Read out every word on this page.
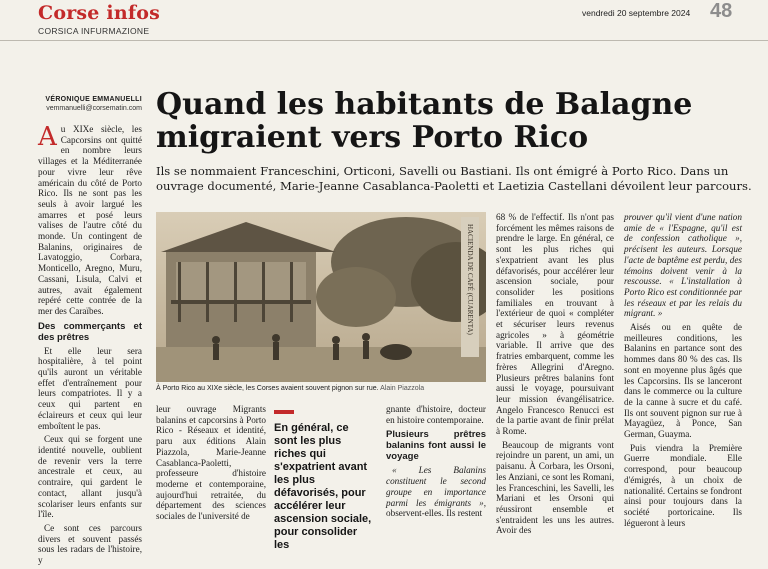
Corse infos
CORSICA INFURMAZIONE
vendredi 20 septembre 2024 48
VÉRONIQUE EMMANUELLI
vemmanuelli@corsematin.com

A u XIXe siècle, les Capcorsins ont quitté en nombre leurs villages et la Méditerranée pour vivre leur rêve américain du côté de Porto Rico. Ils ne sont pas les seuls à avoir largué les amarres et posé leurs valises de l'autre côté du monde. Un contingent de Balanins, originaires de Lavatoggio, Corbara, Monticello, Aregno, Muru, Cassani, Lisula, Calvi et autres, avait également repéré cette contrée de la mer des Caraïbes.

Des commerçants et des prêtres

Et elle leur sera hospitalière, à tel point qu'ils auront un véritable effet d'entraînement pour leurs compatriotes. Il y a ceux qui partent en éclaireurs et ceux qui leur emboîtent le pas.

Ceux qui se forgent une identité nouvelle, oublient de revenir vers la terre ancestrale et ceux, au contraire, qui gardent le contact, allant jusqu'à scolariser leurs enfants sur l'île.

Ce sont ces parcours divers et souvent passés sous les radars de l'histoire, y

Quand les habitants de Balagne
migraient vers Porto Rico
Ils se nommaient Franceschini, Orticoni, Savelli ou Bastiani. Ils ont émigré à Porto Rico. Dans un ouvrage documenté, Marie-Jeanne Casablanca-Paoletti et Laetizia Castellani dévoilent leur parcours.
HACIENDA DE CAFÉ (CUARENTA)
À Porto Rico au XIXe siècle, les Corses avaient souvent pignon sur rue. Alain Piazzola

leur ouvrage Migrants balanins et capcorsins à Porto Rico - Réseaux et identité, paru aux éditions Alain Piazzola, Marie-Jeanne Casablanca-Paoletti, professeure d'histoire moderne et contemporaine, aujourd'hui retraitée, du département des sciences sociales de l'université de

En général, ce sont les plus riches qui s'expatrient avant les plus défavorisés, pour accélérer leur ascension sociale, pour consolider les

gnante d'histoire, docteur en histoire contemporaine.

Plusieurs prêtres balanins font aussi le voyage

« Les Balanins constituent le second groupe en importance parmi les émigrants », observent-elles. Ils restent

68 % de l'effectif. Ils n'ont pas forcément les mêmes raisons de prendre le large. En général, ce sont les plus riches qui s'expatrient avant les plus défavorisés, pour accélérer leur ascension sociale, pour consolider les positions familiales en trouvant à l'extérieur de quoi « compléter et sécuriser leurs revenus agricoles » à géométrie variable. Il arrive que des fratries embarquent, comme les frères Allegrini d'Aregno. Plusieurs prêtres balanins font aussi le voyage, poursuivant leur mission évangélisatrice. Angelo Francesco Renucci est de la partie avant de finir prélat à Rome.

Beaucoup de migrants vont rejoindre un parent, un ami, un paisanu. À Corbara, les Orsoni, les Anziani, ce sont les Romani, les Franceschini, les Savelli, les Mariani et les Orsoni qui réussiront ensemble et s'entraident les uns les autres. Avoir des

prouver qu'il vient d'une nation amie de « l'Espagne, qu'il est de confession catholique », précisent les auteurs. Lorsque l'acte de baptême est perdu, des témoins doivent venir à la rescousse. « L'installation à Porto Rico est conditionnée par les réseaux et par les relais du migrant. »

Aisés ou en quête de meilleures conditions, les Balanins en partance sont des hommes dans 80 % des cas. Ils sont en moyenne plus âgés que les Capcorsins. Ils se lanceront dans le commerce ou la culture de la canne à sucre et du café. Ils ont souvent pignon sur rue à Mayagüez, à Ponce, San German, Guayma.

Puis viendra la Première Guerre mondiale. Elle correspond, pour beaucoup d'émigrés, à un choix de nationalité. Certains se fondront ainsi pour toujours dans la société portoricaine. Ils légueront à leurs
